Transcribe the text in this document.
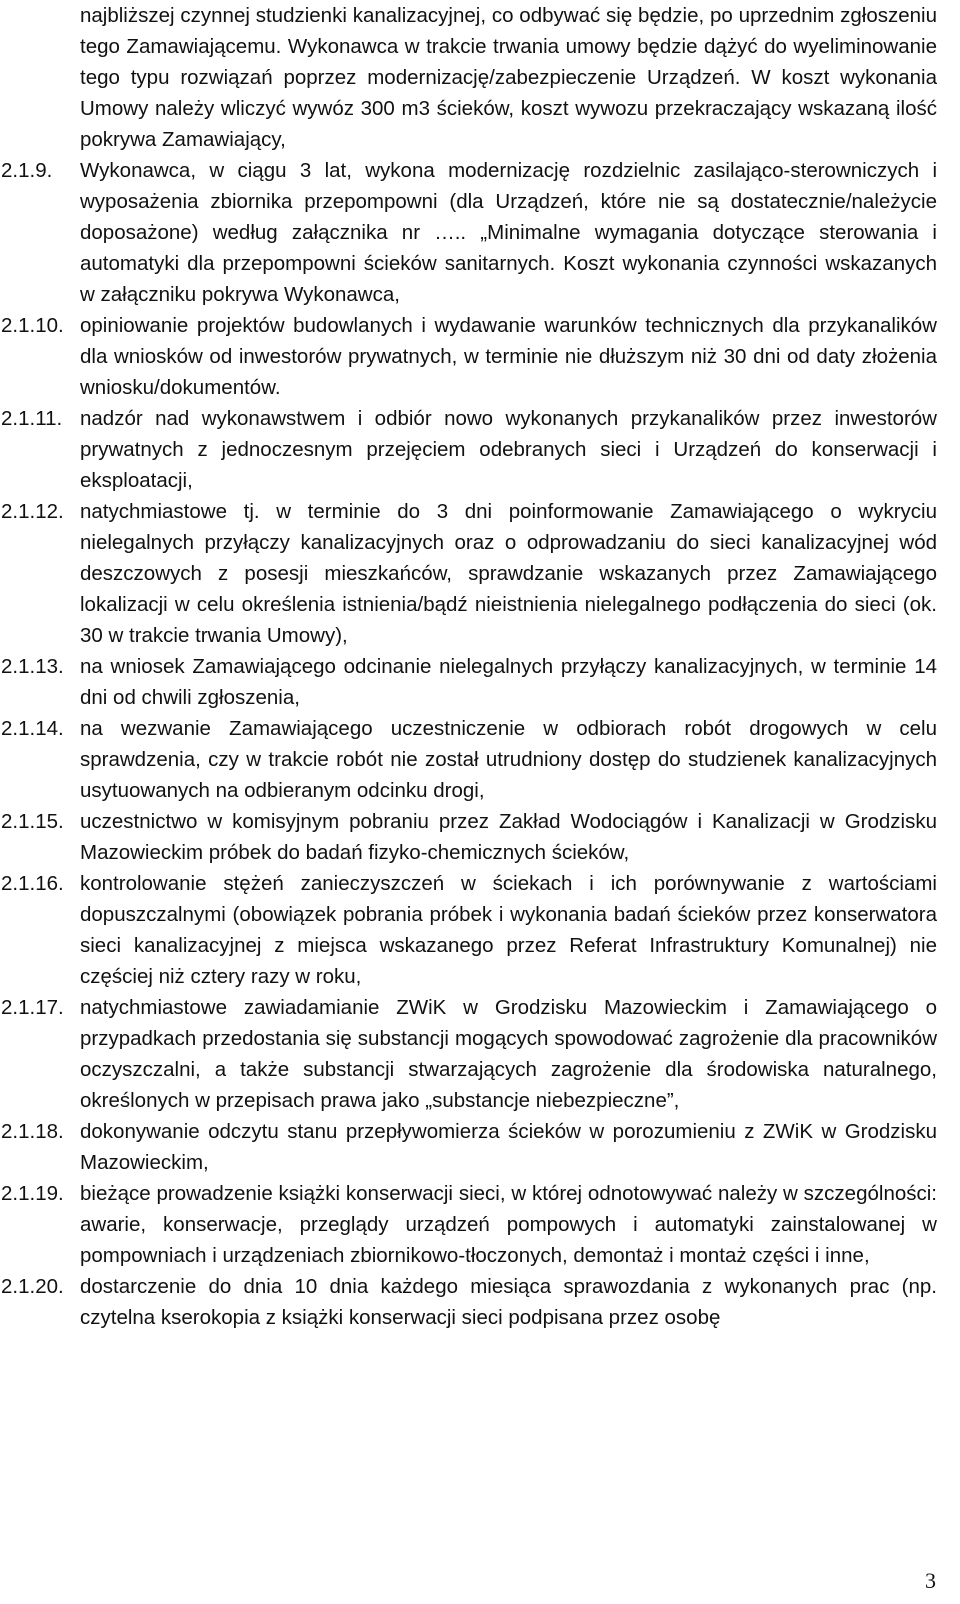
najbliższej czynnej studzienki kanalizacyjnej, co odbywać się będzie, po uprzednim zgłoszeniu tego Zamawiającemu. Wykonawca w trakcie trwania umowy będzie dążyć do wyeliminowanie tego typu rozwiązań poprzez modernizację/zabezpieczenie Urządzeń. W koszt wykonania Umowy należy wliczyć wywóz 300 m3 ścieków, koszt wywozu przekraczający wskazaną ilość pokrywa Zamawiający,
2.1.9. Wykonawca, w ciągu 3 lat, wykona modernizację rozdzielnic zasilająco-sterowniczych i wyposażenia zbiornika przepompowni (dla Urządzeń, które nie są dostatecznie/należycie doposażone) według załącznika nr ….. „Minimalne wymagania dotyczące sterowania i automatyki dla przepompowni ścieków sanitarnych. Koszt wykonania czynności wskazanych w załączniku pokrywa Wykonawca,
2.1.10. opiniowanie projektów budowlanych i wydawanie warunków technicznych dla przykanalików dla wniosków od inwestorów prywatnych, w terminie nie dłuższym niż 30 dni od daty złożenia wniosku/dokumentów.
2.1.11. nadzór nad wykonawstwem i odbiór nowo wykonanych przykanalików przez inwestorów prywatnych z jednoczesnym przejęciem odebranych sieci i Urządzeń do konserwacji i eksploatacji,
2.1.12. natychmiastowe tj. w terminie do 3 dni poinformowanie Zamawiającego o wykryciu nielegalnych przyłączy kanalizacyjnych oraz o odprowadzaniu do sieci kanalizacyjnej wód deszczowych z posesji mieszkańców, sprawdzanie wskazanych przez Zamawiającego lokalizacji w celu określenia istnienia/bądź nieistnienia nielegalnego podłączenia do sieci (ok. 30 w trakcie trwania Umowy),
2.1.13. na wniosek Zamawiającego odcinanie nielegalnych przyłączy kanalizacyjnych, w terminie 14 dni od chwili zgłoszenia,
2.1.14. na wezwanie Zamawiającego uczestniczenie w odbiorach robót drogowych w celu sprawdzenia, czy w trakcie robót nie został utrudniony dostęp do studzienek kanalizacyjnych usytuowanych na odbieranym odcinku drogi,
2.1.15. uczestnictwo w komisyjnym pobraniu przez Zakład Wodociągów i Kanalizacji w Grodzisku Mazowieckim próbek do badań fizyko-chemicznych ścieków,
2.1.16. kontrolowanie stężeń zanieczyszczeń w ściekach i ich porównywanie z wartościami dopuszczalnymi (obowiązek pobrania próbek i wykonania badań ścieków przez konserwatora sieci kanalizacyjnej z miejsca wskazanego przez Referat Infrastruktury Komunalnej) nie częściej niż cztery razy w roku,
2.1.17. natychmiastowe zawiadamianie ZWiK w Grodzisku Mazowieckim i Zamawiającego o przypadkach przedostania się substancji mogących spowodować zagrożenie dla pracowników oczyszczalni, a także substancji stwarzających zagrożenie dla środowiska naturalnego, określonych w przepisach prawa jako „substancje niebezpieczne”,
2.1.18. dokonywanie odczytu stanu przepływomierza ścieków w porozumieniu z ZWiK w Grodzisku Mazowieckim,
2.1.19. bieżące prowadzenie książki konserwacji sieci, w której odnotowywać należy w szczególności: awarie, konserwacje, przeglądy urządzeń pompowych i automatyki zainstalowanej w pompowniach i urządzeniach zbiornikowo-tłoczonych, demontaż i montaż części i inne,
2.1.20. dostarczenie do dnia 10 dnia każdego miesiąca sprawozdania z wykonanych prac (np. czytelna kserokopia z książki konserwacji sieci podpisana przez osobę
3
